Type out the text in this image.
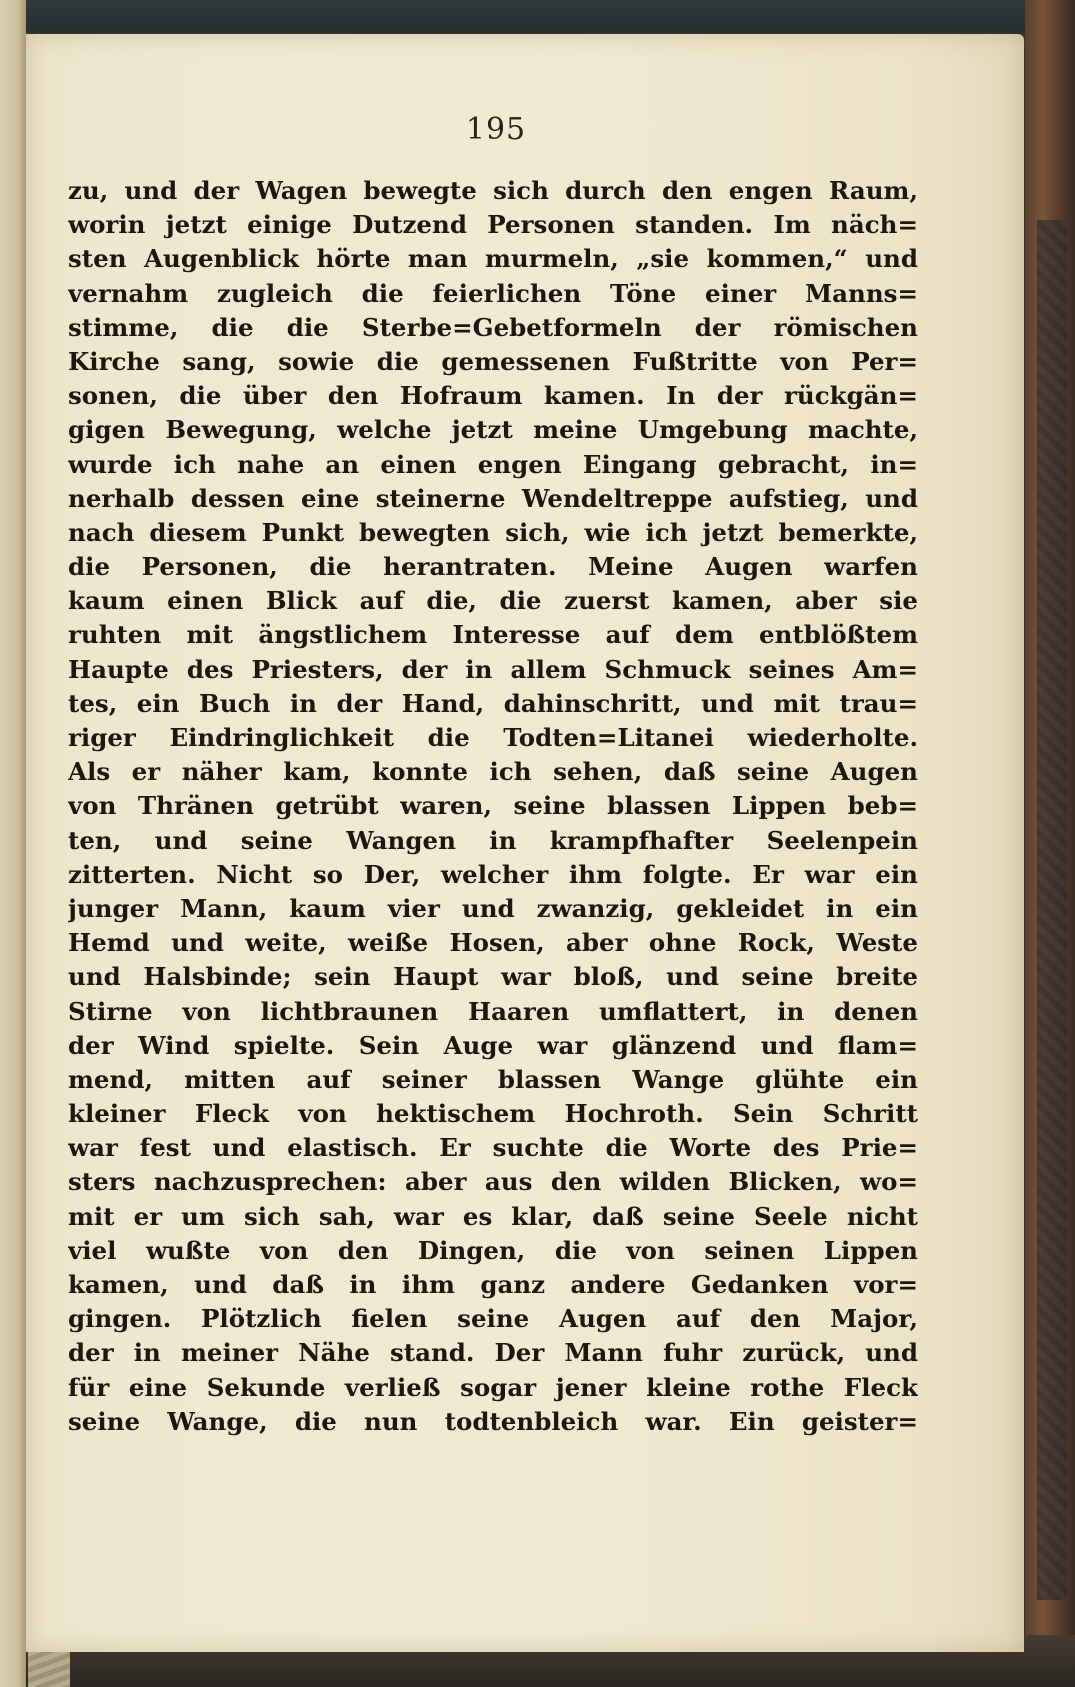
195
zu, und der Wagen bewegte sich durch den engen Raum,
worin jetzt einige Dutzend Personen standen. Im näch=
sten Augenblick hörte man murmeln, „sie kommen,“ und
vernahm zugleich die feierlichen Töne einer Manns=
stimme, die die Sterbe=Gebetformeln der römischen
Kirche sang, sowie die gemessenen Fußtritte von Per=
sonen, die über den Hofraum kamen. In der rückgän=
gigen Bewegung, welche jetzt meine Umgebung machte,
wurde ich nahe an einen engen Eingang gebracht, in=
nerhalb dessen eine steinerne Wendeltreppe aufstieg, und
nach diesem Punkt bewegten sich, wie ich jetzt bemerkte,
die Personen, die herantraten. Meine Augen warfen
kaum einen Blick auf die, die zuerst kamen, aber sie
ruhten mit ängstlichem Interesse auf dem entblößtem
Haupte des Priesters, der in allem Schmuck seines Am=
tes, ein Buch in der Hand, dahinschritt, und mit trau=
riger Eindringlichkeit die Todten=Litanei wiederholte.
Als er näher kam, konnte ich sehen, daß seine Augen
von Thränen getrübt waren, seine blassen Lippen beb=
ten, und seine Wangen in krampfhafter Seelenpein
zitterten. Nicht so Der, welcher ihm folgte. Er war ein
junger Mann, kaum vier und zwanzig, gekleidet in ein
Hemd und weite, weiße Hosen, aber ohne Rock, Weste
und Halsbinde; sein Haupt war bloß, und seine breite
Stirne von lichtbraunen Haaren umflattert, in denen
der Wind spielte. Sein Auge war glänzend und flam=
mend, mitten auf seiner blassen Wange glühte ein
kleiner Fleck von hektischem Hochroth. Sein Schritt
war fest und elastisch. Er suchte die Worte des Prie=
sters nachzusprechen: aber aus den wilden Blicken, wo=
mit er um sich sah, war es klar, daß seine Seele nicht
viel wußte von den Dingen, die von seinen Lippen
kamen, und daß in ihm ganz andere Gedanken vor=
gingen. Plötzlich fielen seine Augen auf den Major,
der in meiner Nähe stand. Der Mann fuhr zurück, und
für eine Sekunde verließ sogar jener kleine rothe Fleck
seine Wange, die nun todtenbleich war. Ein geister=
